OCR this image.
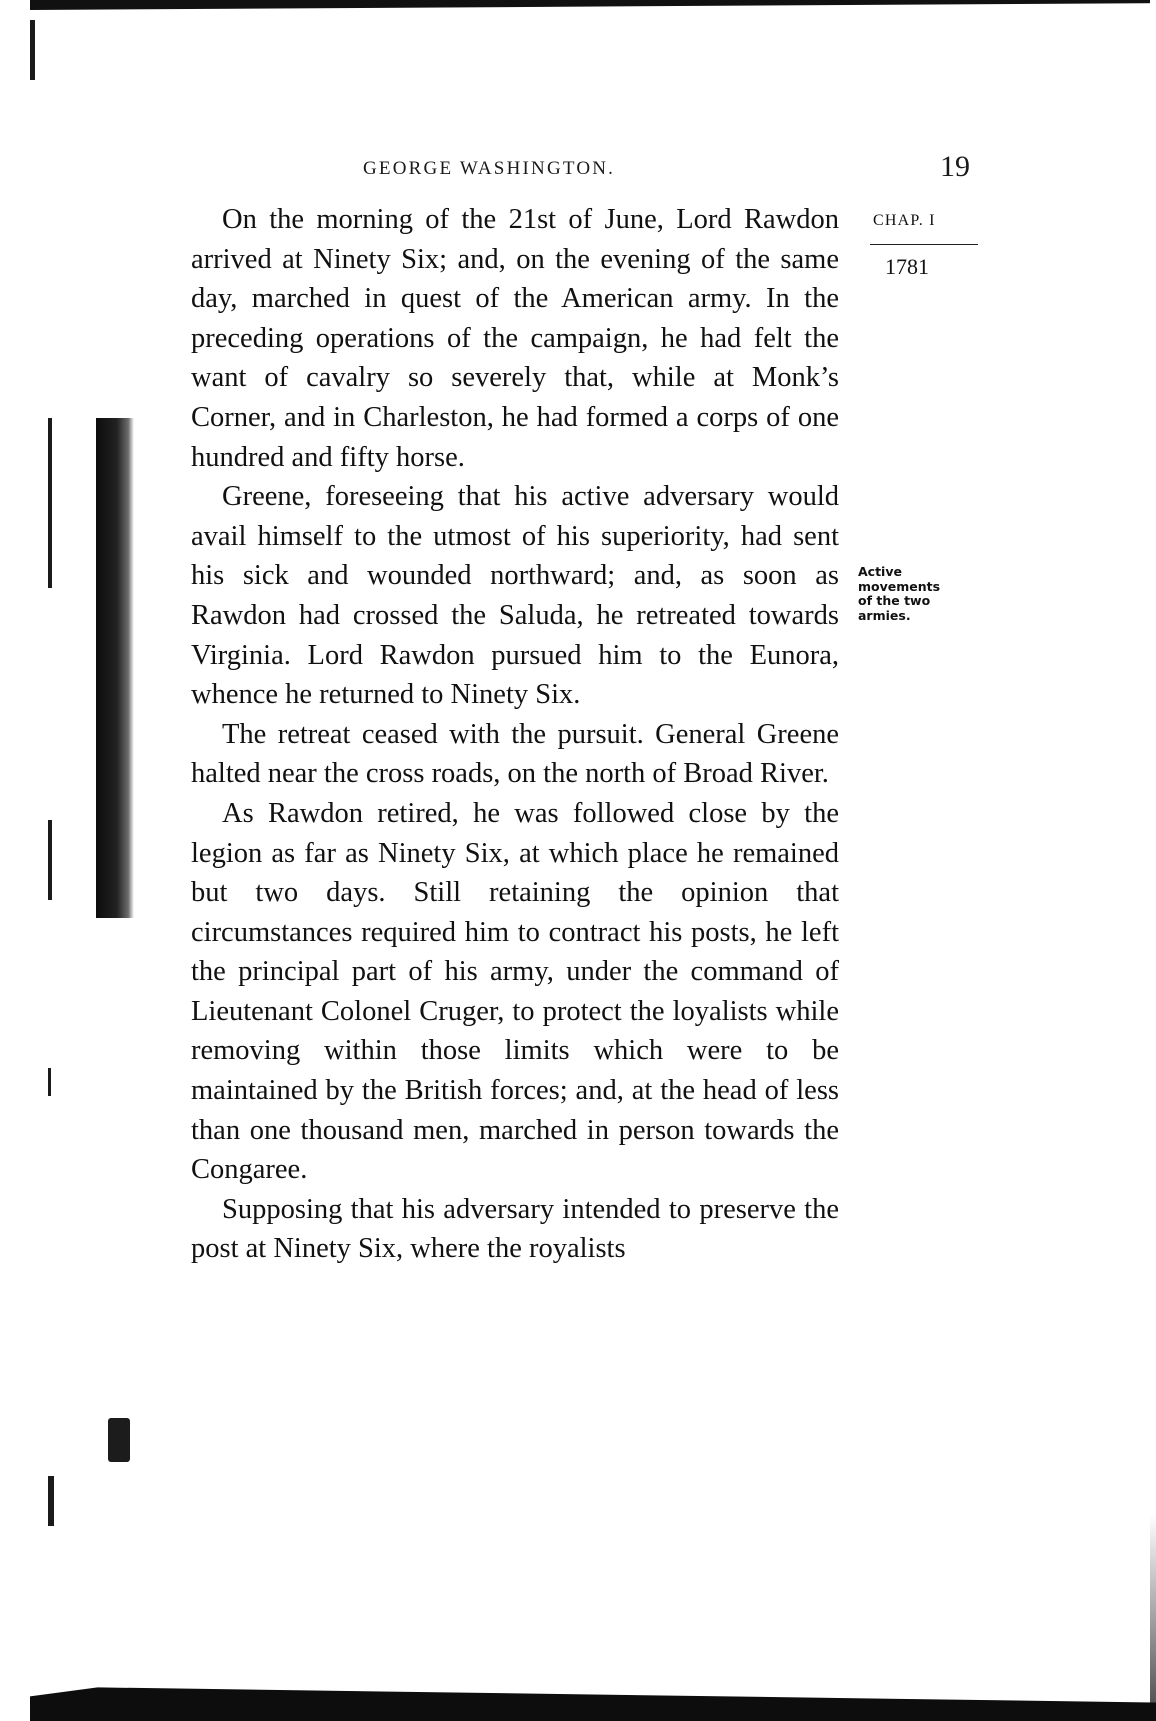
GEORGE WASHINGTON.	19
CHAP. I
1781
Active
movements
of the two
armies.

On the morning of the 21st of June, Lord Rawdon arrived at Ninety Six; and, on the evening of the same day, marched in quest of the American army. In the preceding operations of the campaign, he had felt the want of cavalry so severely that, while at Monk’s Corner, and in Charleston, he had formed a corps of one hundred and fifty horse.

Greene, foreseeing that his active adversary would avail himself to the utmost of his superiority, had sent his sick and wounded northward; and, as soon as Rawdon had crossed the Saluda, he retreated towards Virginia. Lord Rawdon pursued him to the Eunora, whence he returned to Ninety Six.

The retreat ceased with the pursuit. General Greene halted near the cross roads, on the north of Broad River.

As Rawdon retired, he was followed close by the legion as far as Ninety Six, at which place he remained but two days. Still retaining the opinion that circumstances required him to contract his posts, he left the principal part of his army, under the command of Lieutenant Colonel Cruger, to protect the loyalists while removing within those limits which were to be maintained by the British forces; and, at the head of less than one thousand men, marched in person towards the Congaree.

Supposing that his adversary intended to preserve the post at Ninety Six, where the royalists
